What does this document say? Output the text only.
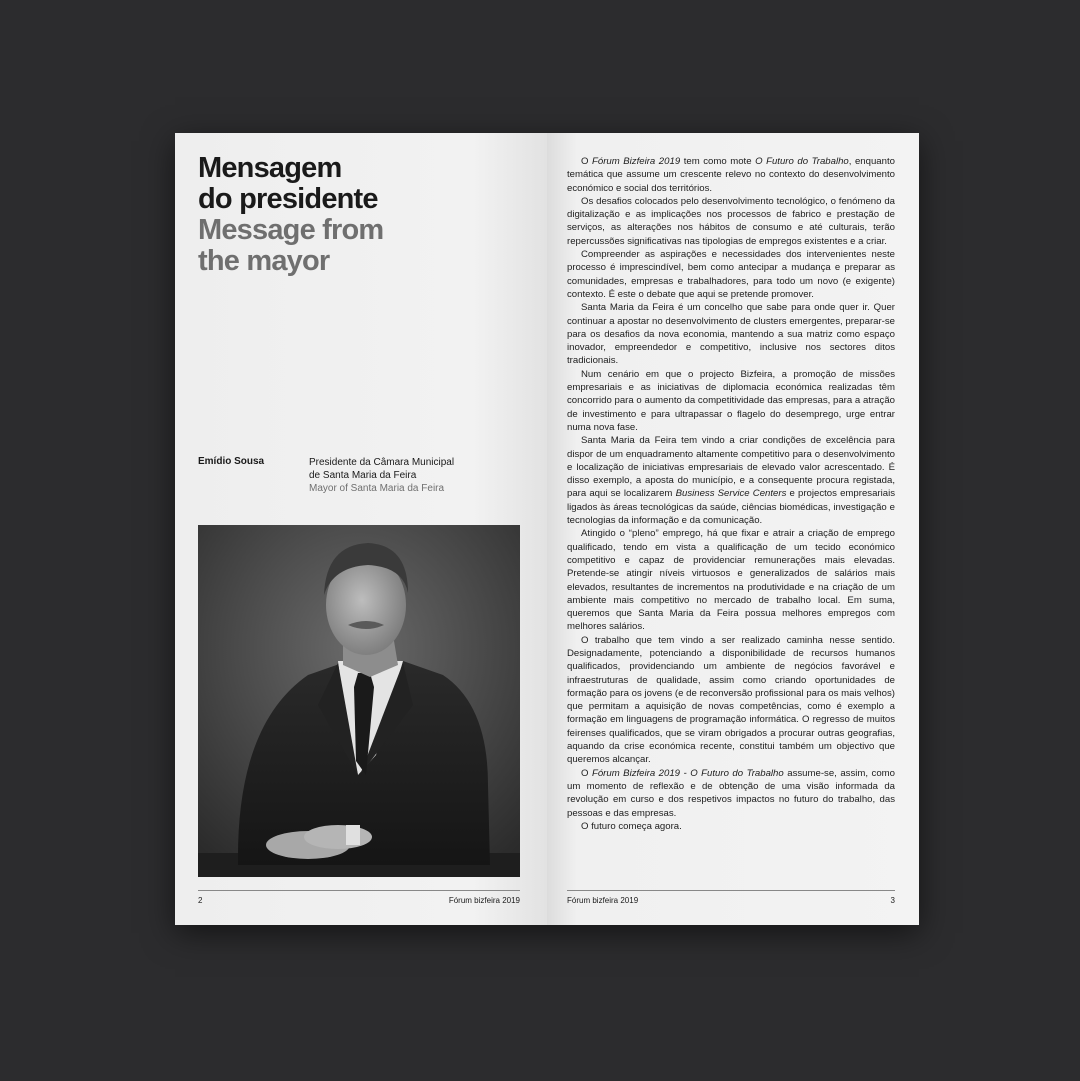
Mensagem
do presidente
Message from
the mayor
Emídio Sousa	Presidente da Câmara Municipal
de Santa Maria da Feira
Mayor of Santa Maria da Feira
2	Fórum bizfeira 2019

O Fórum Bizfeira 2019 tem como mote O Futuro do Trabalho, enquanto temática que assume um crescente relevo no contexto do desenvolvimento económico e social dos territórios.

Os desafios colocados pelo desenvolvimento tecnológico, o fenómeno da digitalização e as implicações nos processos de fabrico e prestação de serviços, as alterações nos hábitos de consumo e até culturais, terão repercussões significativas nas tipologias de empregos existentes e a criar.

Compreender as aspirações e necessidades dos intervenientes neste processo é imprescindível, bem como antecipar a mudança e preparar as comunidades, empresas e trabalhadores, para todo um novo (e exigente) contexto. É este o debate que aqui se pretende promover.

Santa Maria da Feira é um concelho que sabe para onde quer ir. Quer continuar a apostar no desenvolvimento de clusters emergentes, preparar-se para os desafios da nova economia, mantendo a sua matriz como espaço inovador, empreendedor e competitivo, inclusive nos sectores ditos tradicionais.

Num cenário em que o projecto Bizfeira, a promoção de missões empresariais e as iniciativas de diplomacia económica realizadas têm concorrido para o aumento da competitividade das empresas, para a atração de investimento e para ultrapassar o flagelo do desemprego, urge entrar numa nova fase.

Santa Maria da Feira tem vindo a criar condições de excelência para dispor de um enquadramento altamente competitivo para o desenvolvimento e localização de iniciativas empresariais de elevado valor acrescentado. É disso exemplo, a aposta do município, e a consequente procura registada, para aqui se localizarem Business Service Centers e projectos empresariais ligados às áreas tecnológicas da saúde, ciências biomédicas, investigação e tecnologias da informação e da comunicação.

Atingido o “pleno” emprego, há que fixar e atrair a criação de emprego qualificado, tendo em vista a qualificação de um tecido económico competitivo e capaz de providenciar remunerações mais elevadas. Pretende-se atingir níveis virtuosos e generalizados de salários mais elevados, resultantes de incrementos na produtividade e na criação de um ambiente mais competitivo no mercado de trabalho local. Em suma, queremos que Santa Maria da Feira possua melhores empregos com melhores salários.

O trabalho que tem vindo a ser realizado caminha nesse sentido. Designadamente, potenciando a disponibilidade de recursos humanos qualificados, providenciando um ambiente de negócios favorável e infraestruturas de qualidade, assim como criando oportunidades de formação para os jovens (e de reconversão profissional para os mais velhos) que permitam a aquisição de novas competências, como é exemplo a formação em linguagens de programação informática. O regresso de muitos feirenses qualificados, que se viram obrigados a procurar outras geografias, aquando da crise económica recente, constitui também um objectivo que queremos alcançar.

O Fórum Bizfeira 2019 - O Futuro do Trabalho assume-se, assim, como um momento de reflexão e de obtenção de uma visão informada da revolução em curso e dos respetivos impactos no futuro do trabalho, das pessoas e das empresas.

O futuro começa agora.

Fórum bizfeira 2019	3
